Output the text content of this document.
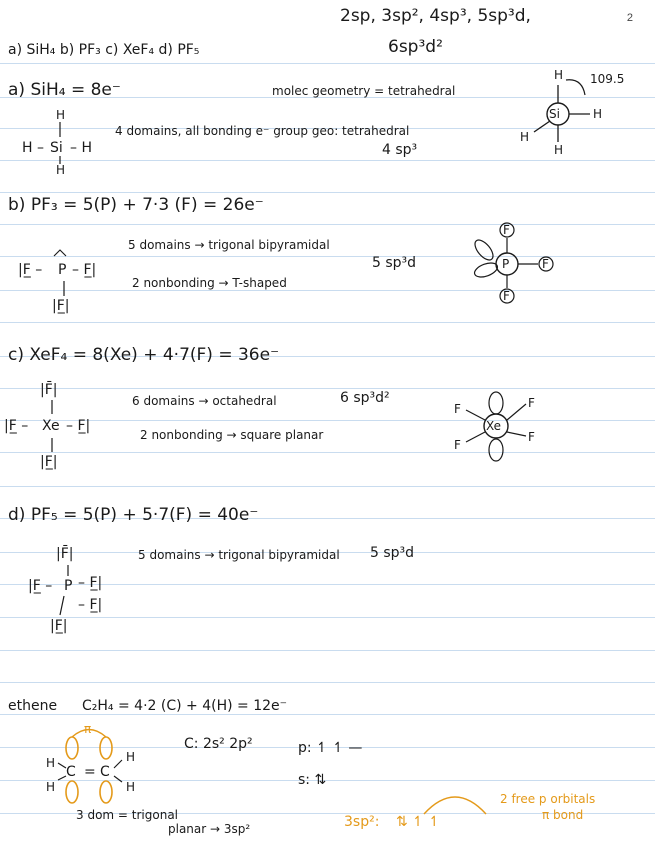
2
2sp, 3sp², 4sp³, 5sp³d,
6sp³d²
a) SiH₄ b) PF₃ c) XeF₄ d) PF₅
a) SiH₄ = 8e⁻	molec geometry = tetrahedral
4 domains, all bonding e⁻ group geo: tetrahedral
4 sp³
H
H – Si – H
H
Si
H
H
H
H
109.5
b) PF₃ = 5(P) + 7·3 (F) = 26e⁻
5 domains → trigonal bipyramidal
5 sp³d
2 nonbonding → T-shaped
|F̲ – P – F̲|
|F̲|
P
F
F
F
c) XeF₄ = 8(Xe) + 4·7(F) = 36e⁻
6 domains → octahedral	6 sp³d²
2 nonbonding → square planar
|F̄|
|F̲ – Xe – F̲|
|F̲|
Xe
F
F
F
F
d) PF₅ = 5(P) + 5·7(F) = 40e⁻
5 domains → trigonal bipyramidal 5 sp³d
|F̄|
|F̲ – P – F̲|
– F̲|
|F̲|
ethene C₂H₄ = 4·2 (C) + 4(H) = 12e⁻
C: 2s² 2p²	p: ↿ ↿ —
s: ⇅
3 dom = trigonal
planar → 3sp²
π
C = C
H
H
H
H
3sp²: ⇅ ↿ ↿
2 free p orbitals
π bond
